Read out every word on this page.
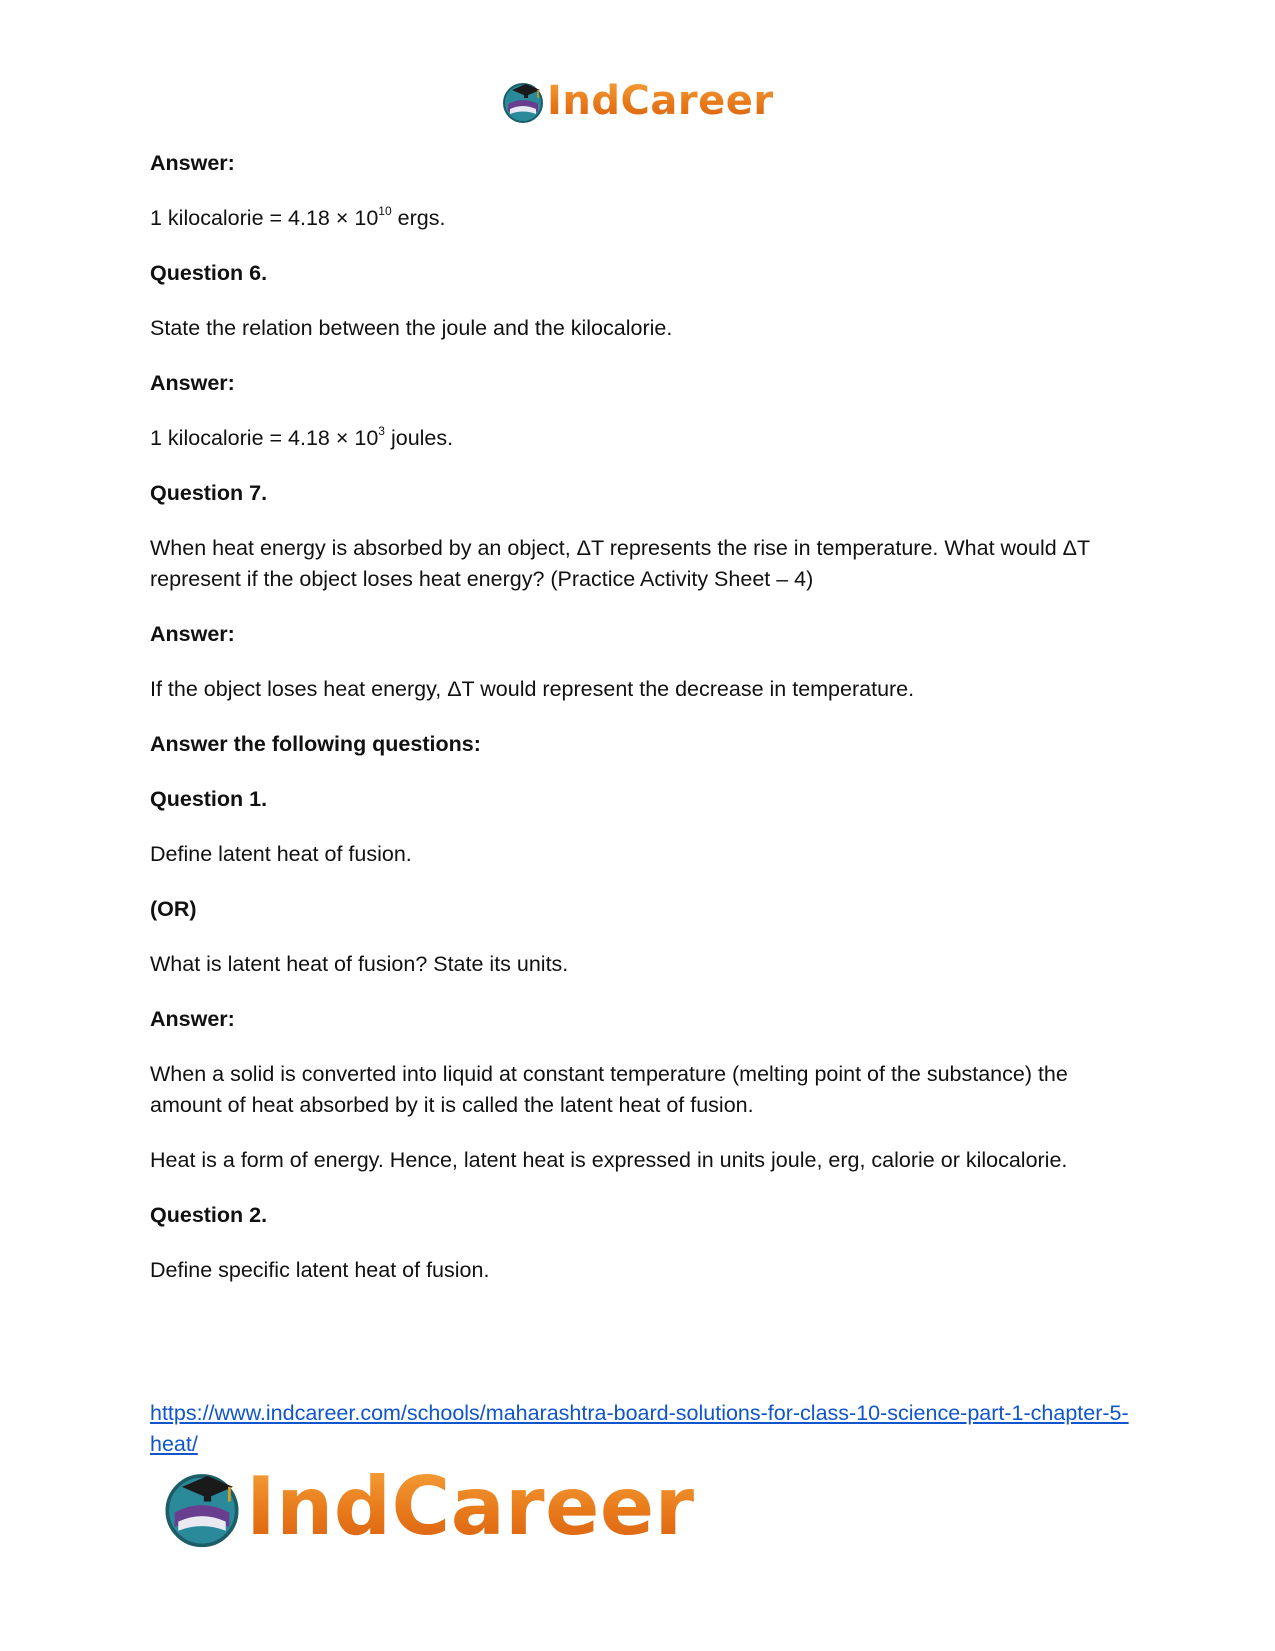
IndCareer

Answer:

1 kilocalorie = $4.18 \times 10^{10}$ ergs.

Question 6.

State the relation between the joule and the kilocalorie.

Answer:

1 kilocalorie = $4.18 \times 10^3$ joules.

Question 7.

When heat energy is absorbed by an object, ΔT represents the rise in temperature. What would ΔT represent if the object loses heat energy? (Practice Activity Sheet – 4)

Answer:

If the object loses heat energy, ΔT would represent the decrease in temperature.

Answer the following questions:

Question 1.

Define latent heat of fusion.

(OR)

What is latent heat of fusion? State its units.

Answer:

When a solid is converted into liquid at constant temperature (melting point of the substance) the amount of heat absorbed by it is called the latent heat of fusion.

Heat is a form of energy. Hence, latent heat is expressed in units joule, erg, calorie or kilocalorie.

Question 2.

Define specific latent heat of fusion.

https://www.indcareer.com/schools/maharashtra-board-solutions-for-class-10-science-part-1-chapter-5-heat/
IndCareer
